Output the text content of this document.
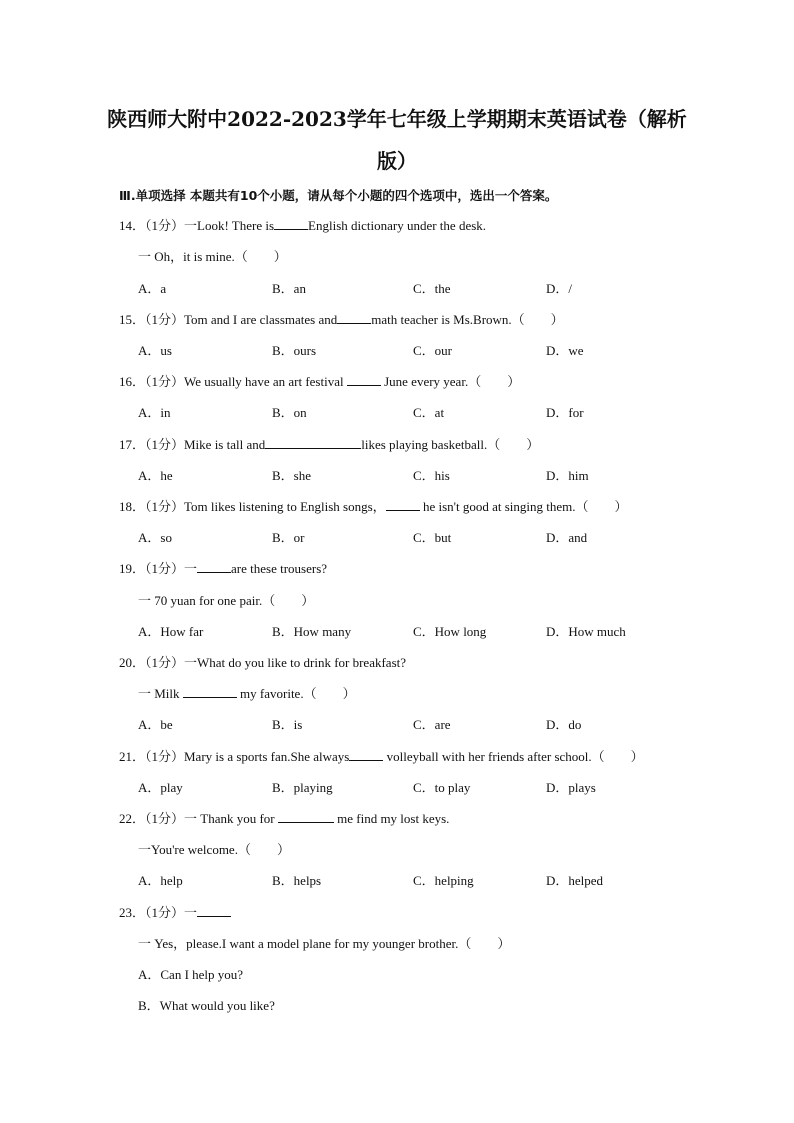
陕西师大附中2022-2023学年七年级上学期期末英语试卷（解析
版）
Ⅲ.单项选择 本题共有10个小题，请从每个小题的四个选项中，选出一个答案。
14．（1分）一Look! There is	English dictionary under the desk.
一 Oh，it is mine.（　　）
A．a	B．an	C．the	D．/
15．（1分）Tom and I are classmates and	math teacher is Ms.Brown.（　　）
A．us	B．ours	C．our	D．we
16．（1分）We usually have an art festival	June every year.（　　）
A．in	B．on	C．at	D．for
17．（1分）Mike is tall and	likes playing basketball.（　　）
A．he	B．she	C．his	D．him
18．（1分）Tom likes listening to English songs，	he isn't good at singing them.（　　）
A．so	B．or	C．but	D．and
19．（1分）一	are these trousers?
一 70 yuan for one pair.（　　）
A．How far	B．How many	C．How long	D．How much
20．（1分）一What do you like to drink for breakfast?
一 Milk	my favorite.（　　）
A．be	B．is	C．are	D．do
21．（1分）Mary is a sports fan.She always	volleyball with her friends after school.（　　）
A．play	B．playing	C．to play	D．plays
22．（1分）一 Thank you for	me find my lost keys.
一You're welcome.（　　）
A．help	B．helps	C．helping	D．helped
23．（1分）一
一 Yes，please.I want a model plane for my younger brother.（　　）
A．Can I help you?
B．What would you like?
